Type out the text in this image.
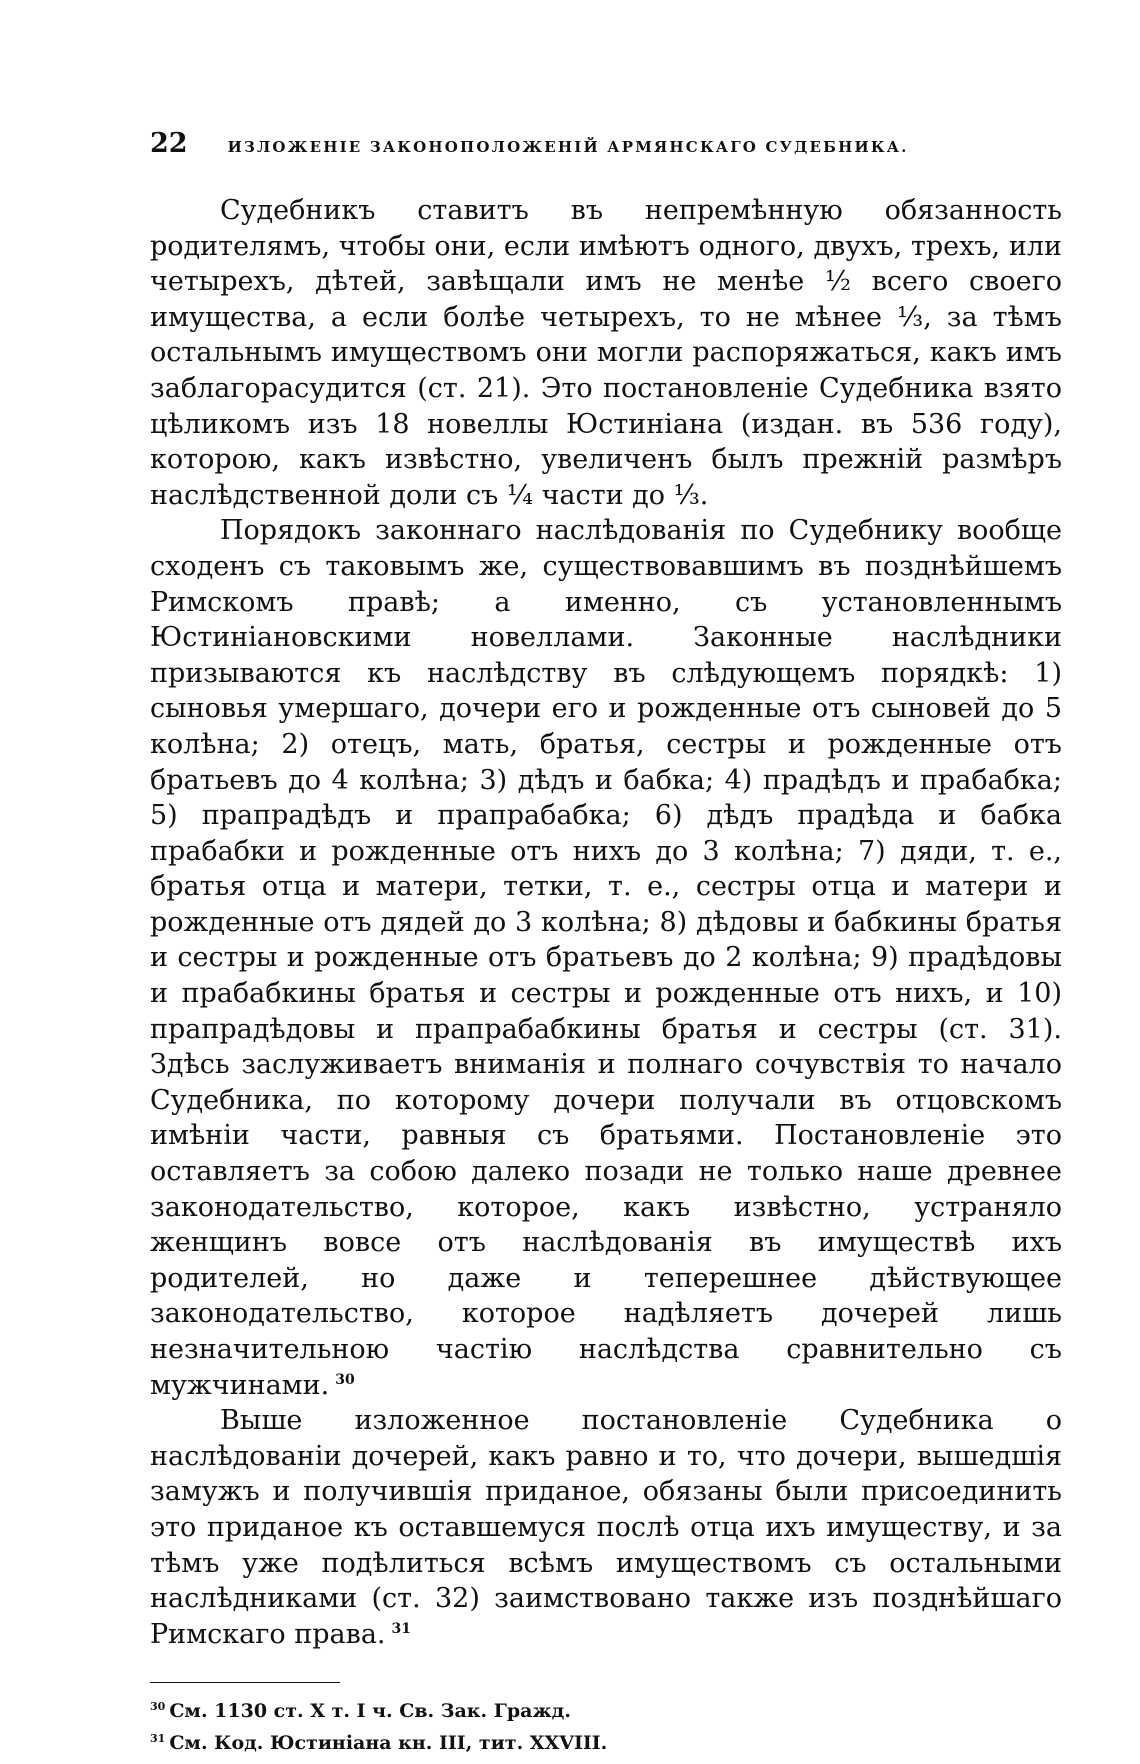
22	ИЗЛОЖЕНІЕ ЗАКОНОПОЛОЖЕНІЙ АРМЯНСКАГО СУДЕБНИКА.

Судебникъ ставитъ въ непремѣнную обязанность родителямъ, чтобы они, если имѣютъ одного, двухъ, трехъ, или четырехъ, дѣтей, завѣщали имъ не менѣе ½ всего своего имущества, а если болѣе четырехъ, то не мѣнее ⅓, за тѣмъ остальнымъ имуществомъ они могли распоряжаться, какъ имъ заблагорасудится (ст. 21). Это постановленіе Судебника взято цѣликомъ изъ 18 новеллы Юстиніана (издан. въ 536 году), которою, какъ извѣстно, увеличенъ былъ прежній размѣръ наслѣдственной доли съ ¼ части до ⅓.

Порядокъ законнаго наслѣдованія по Судебнику вообще сходенъ съ таковымъ же, существовавшимъ въ позднѣйшемъ Римскомъ правѣ; а именно, съ установленнымъ Юстиніановскими новеллами. Законные наслѣдники призываются къ наслѣдству въ слѣдующемъ порядкѣ: 1) сыновья умершаго, дочери его и рожденные отъ сыновей до 5 колѣна; 2) отецъ, мать, братья, сестры и рожденные отъ братьевъ до 4 колѣна; 3) дѣдъ и бабка; 4) прадѣдъ и прабабка; 5) прапрадѣдъ и прапрабабка; 6) дѣдъ прадѣда и бабка прабабки и рожденные отъ нихъ до 3 колѣна; 7) дяди, т. е., братья отца и матери, тетки, т. е., сестры отца и матери и рожденные отъ дядей до 3 колѣна; 8) дѣдовы и бабкины братья и сестры и рожденные отъ братьевъ до 2 колѣна; 9) прадѣдовы и прабабкины братья и сестры и рожденные отъ нихъ, и 10) прапрадѣдовы и прапрабабкины братья и сестры (ст. 31). Здѣсь заслуживаетъ вниманія и полнаго сочувствія то начало Судебника, по которому дочери получали въ отцовскомъ имѣніи части, равныя съ братьями. Постановленіе это оставляетъ за собою далеко позади не только наше древнее законодательство, которое, какъ извѣстно, устраняло женщинъ вовсе отъ наслѣдованія въ имуществѣ ихъ родителей, но даже и теперешнее дѣйствующее законодательство, которое надѣляетъ дочерей лишь незначительною частію наслѣдства сравнительно съ мужчинами. $^{30}$

Выше изложенное постановленіе Судебника о наслѣдованіи дочерей, какъ равно и то, что дочери, вышедшія замужъ и получившія приданое, обязаны были присоединить это приданое къ оставшемуся послѣ отца ихъ имуществу, и за тѣмъ уже подѣлиться всѣмъ имуществомъ съ остальными наслѣдниками (ст. 32) заимствовано также изъ позднѣйшаго Римскаго права. $^{31}$

$^{30}$ См. 1130 ст. X т. I ч. Св. Зак. Гражд.
$^{31}$ См. Код. Юстиніана кн. III, тит. XXVIII.
